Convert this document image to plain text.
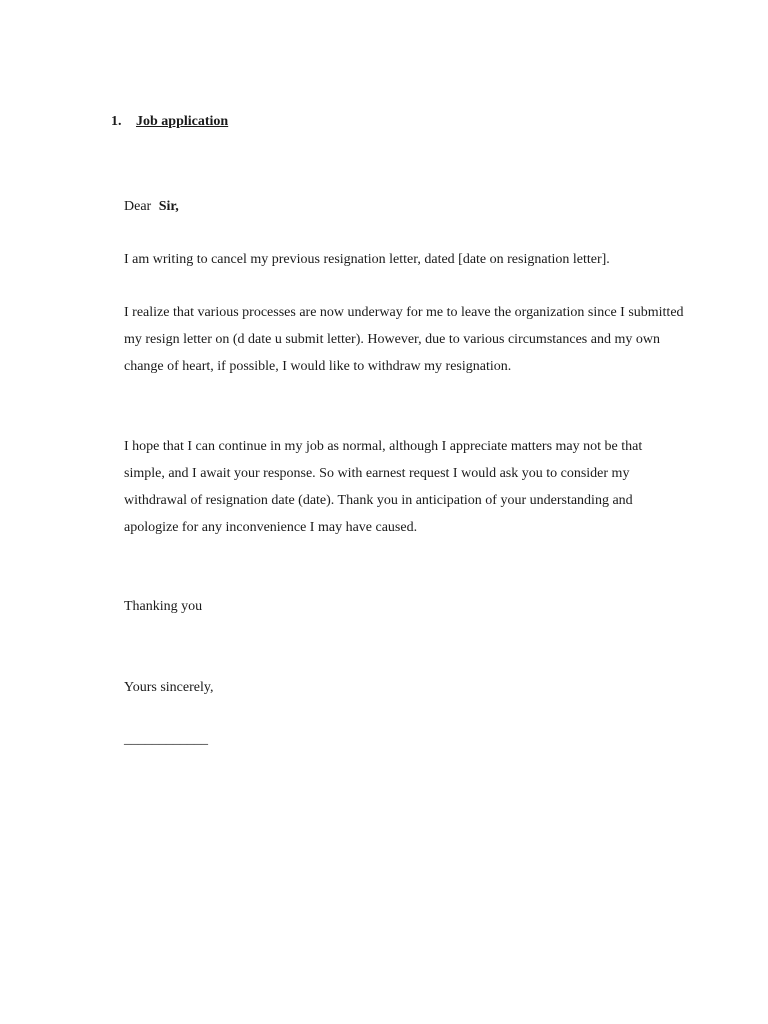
1. Job application

Dear Sir,

I am writing to cancel my previous resignation letter, dated [date on resignation letter].

I realize that various processes are now underway for me to leave the organization since I submitted my resign letter on (d date u submit letter). However, due to various circumstances and my own change of heart, if possible, I would like to withdraw my resignation.

I hope that I can continue in my job as normal, although I appreciate matters may not be that simple, and I await your response. So with earnest request I would ask you to consider my withdrawal of resignation date (date). Thank you in anticipation of your understanding and apologize for any inconvenience I may have caused.

Thanking you

Yours sincerely,

____________
